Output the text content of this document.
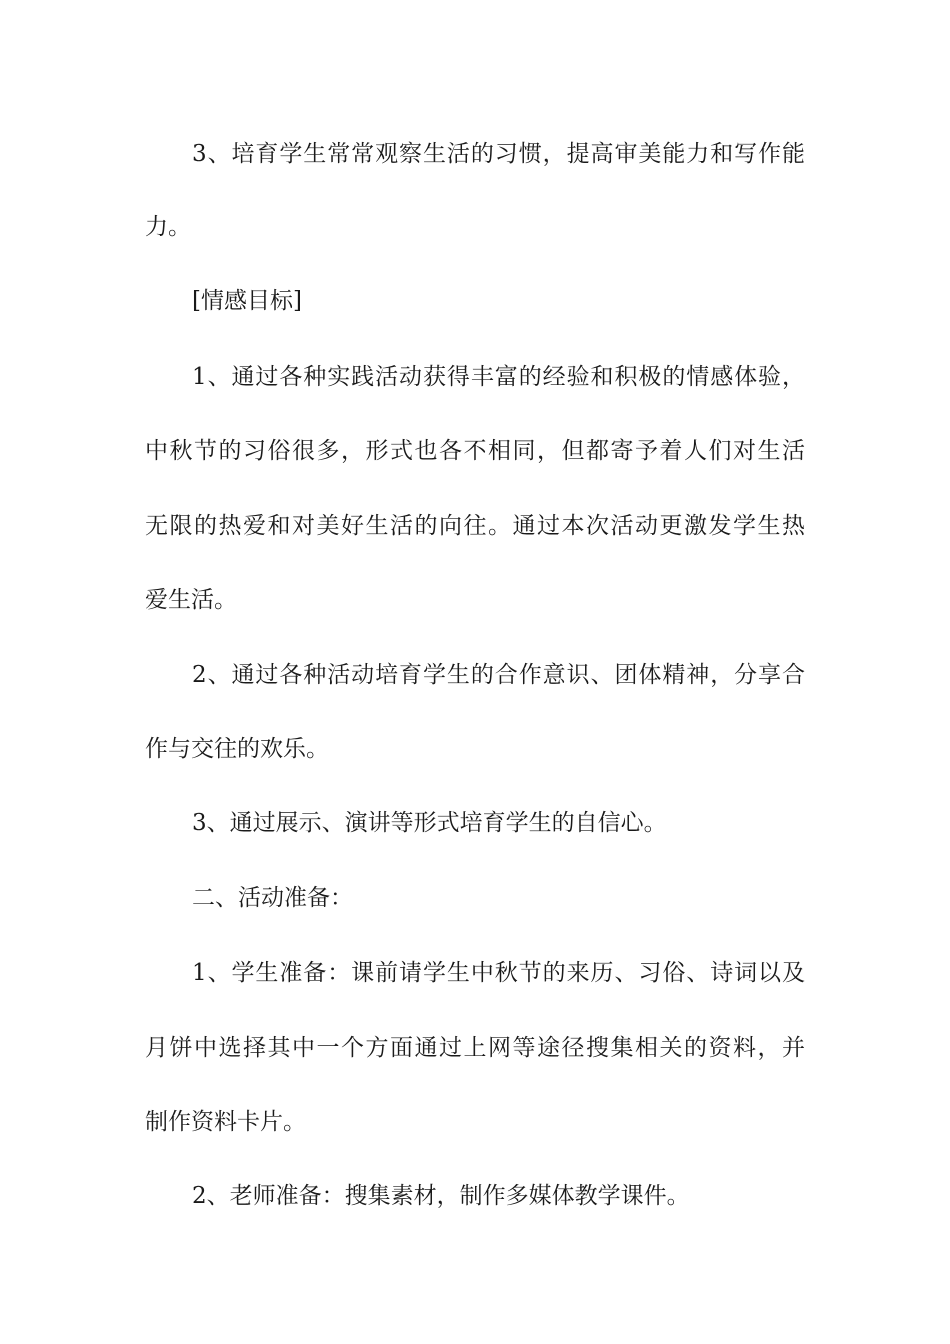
3、培育学生常常观察生活的习惯，提高审美能力和写作能
力。
[情感目标]
1、通过各种实践活动获得丰富的经验和积极的情感体验，
中秋节的习俗很多，形式也各不相同，但都寄予着人们对生活
无限的热爱和对美好生活的向往。通过本次活动更激发学生热
爱生活。
2、通过各种活动培育学生的合作意识、团体精神，分享合
作与交往的欢乐。
3、通过展示、演讲等形式培育学生的自信心。
二、活动准备：
1、学生准备：课前请学生中秋节的来历、习俗、诗词以及
月饼中选择其中一个方面通过上网等途径搜集相关的资料，并
制作资料卡片。
2、老师准备：搜集素材，制作多媒体教学课件。
